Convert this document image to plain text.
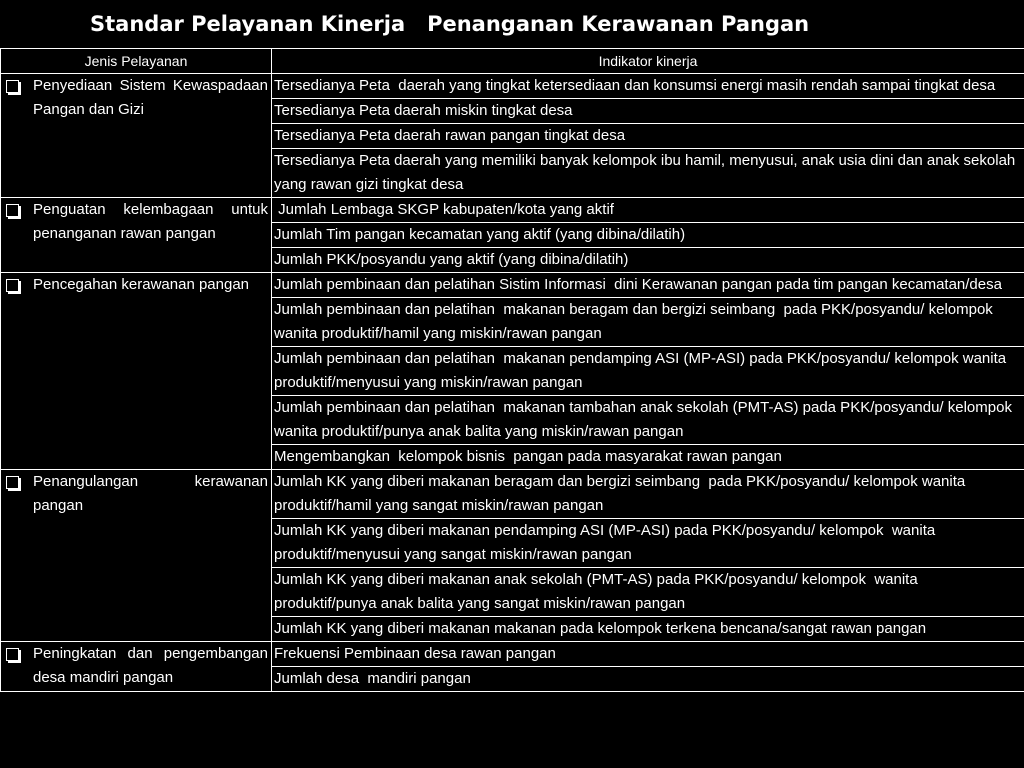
Standar Pelayanan Kinerja   Penanganan Kerawanan Pangan
Jenis Pelayanan	Indikator kinerja

Penyediaan Sistem Kewaspadaan Pangan dan Gizi	Tersedianya Peta  daerah yang tingkat ketersediaan dan konsumsi energi masih rendah sampai tingkat desa
	Tersedianya Peta daerah miskin tingkat desa
	Tersedianya Peta daerah rawan pangan tingkat desa
	Tersedianya Peta daerah yang memiliki banyak kelompok ibu hamil, menyusui, anak usia dini dan anak sekolah yang rawan gizi tingkat desa

Penguatan kelembagaan untuk penanganan rawan pangan	Jumlah Lembaga SKGP kabupaten/kota yang aktif
	Jumlah Tim pangan kecamatan yang aktif (yang dibina/dilatih)
	Jumlah PKK/posyandu yang aktif (yang dibina/dilatih)

Pencegahan kerawanan pangan	Jumlah pembinaan dan pelatihan Sistim Informasi  dini Kerawanan pangan pada tim pangan kecamatan/desa
	Jumlah pembinaan dan pelatihan  makanan beragam dan bergizi seimbang  pada PKK/posyandu/ kelompok  wanita produktif/hamil yang miskin/rawan pangan
	Jumlah pembinaan dan pelatihan  makanan pendamping ASI (MP-ASI) pada PKK/posyandu/ kelompok wanita produktif/menyusui yang miskin/rawan pangan
	Jumlah pembinaan dan pelatihan  makanan tambahan anak sekolah (PMT-AS) pada PKK/posyandu/ kelompok  wanita produktif/punya anak balita yang miskin/rawan pangan
	Mengembangkan  kelompok bisnis  pangan pada masyarakat rawan pangan

Penangulangan kerawanan pangan	Jumlah KK yang diberi makanan beragam dan bergizi seimbang  pada PKK/posyandu/ kelompok wanita produktif/hamil yang sangat miskin/rawan pangan
	Jumlah KK yang diberi makanan pendamping ASI (MP-ASI) pada PKK/posyandu/ kelompok  wanita produktif/menyusui yang sangat miskin/rawan pangan
	Jumlah KK yang diberi makanan anak sekolah (PMT-AS) pada PKK/posyandu/ kelompok  wanita produktif/punya anak balita yang sangat miskin/rawan pangan
	Jumlah KK yang diberi makanan makanan pada kelompok terkena bencana/sangat rawan pangan

Peningkatan dan pengembangan desa mandiri pangan	Frekuensi Pembinaan desa rawan pangan
	Jumlah desa  mandiri pangan
